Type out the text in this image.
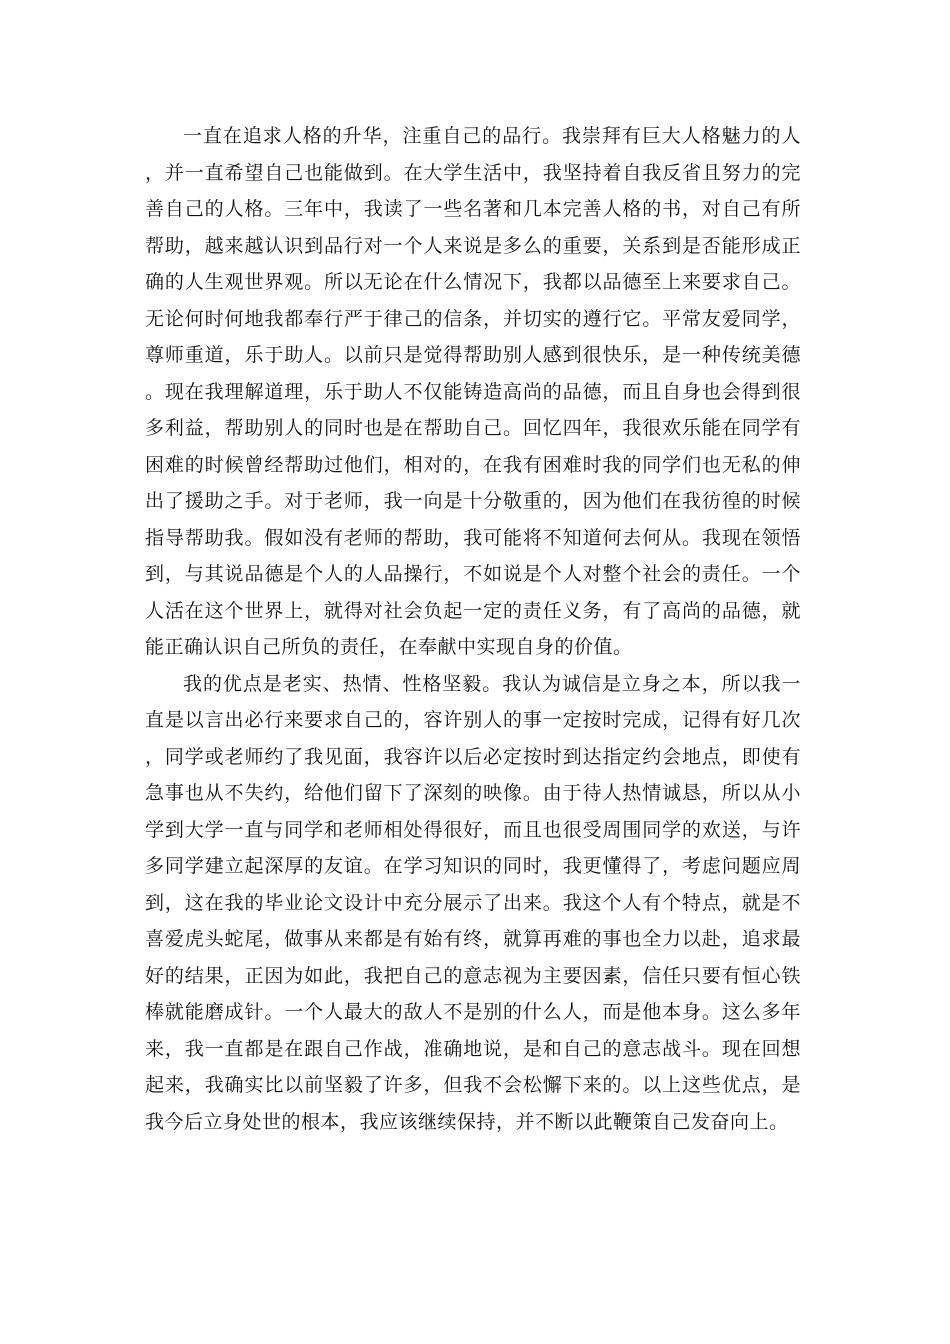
一直在追求人格的升华，注重自己的品行。我崇拜有巨大人格魅力的人，并一直希望自己也能做到。在大学生活中，我坚持着自我反省且努力的完善自己的人格。三年中，我读了一些名著和几本完善人格的书，对自己有所帮助，越来越认识到品行对一个人来说是多么的重要，关系到是否能形成正确的人生观世界观。所以无论在什么情况下，我都以品德至上来要求自己。无论何时何地我都奉行严于律己的信条，并切实的遵行它。平常友爱同学，尊师重道，乐于助人。以前只是觉得帮助别人感到很快乐，是一种传统美德。现在我理解道理，乐于助人不仅能铸造高尚的品德，而且自身也会得到很多利益，帮助别人的同时也是在帮助自己。回忆四年，我很欢乐能在同学有困难的时候曾经帮助过他们，相对的，在我有困难时我的同学们也无私的伸出了援助之手。对于老师，我一向是十分敬重的，因为他们在我彷徨的时候指导帮助我。假如没有老师的帮助，我可能将不知道何去何从。我现在领悟到，与其说品德是个人的人品操行，不如说是个人对整个社会的责任。一个人活在这个世界上，就得对社会负起一定的责任义务，有了高尚的品德，就能正确认识自己所负的责任，在奉献中实现自身的价值。

我的优点是老实、热情、性格坚毅。我认为诚信是立身之本，所以我一直是以言出必行来要求自己的，容许别人的事一定按时完成，记得有好几次，同学或老师约了我见面，我容许以后必定按时到达指定约会地点，即使有急事也从不失约，给他们留下了深刻的映像。由于待人热情诚恳，所以从小学到大学一直与同学和老师相处得很好，而且也很受周围同学的欢送，与许多同学建立起深厚的友谊。在学习知识的同时，我更懂得了，考虑问题应周到，这在我的毕业论文设计中充分展示了出来。我这个人有个特点，就是不喜爱虎头蛇尾，做事从来都是有始有终，就算再难的事也全力以赴，追求最好的结果，正因为如此，我把自己的意志视为主要因素，信任只要有恒心铁棒就能磨成针。一个人最大的敌人不是别的什么人，而是他本身。这么多年来，我一直都是在跟自己作战，准确地说，是和自己的意志战斗。现在回想起来，我确实比以前坚毅了许多，但我不会松懈下来的。以上这些优点，是我今后立身处世的根本，我应该继续保持，并不断以此鞭策自己发奋向上。
